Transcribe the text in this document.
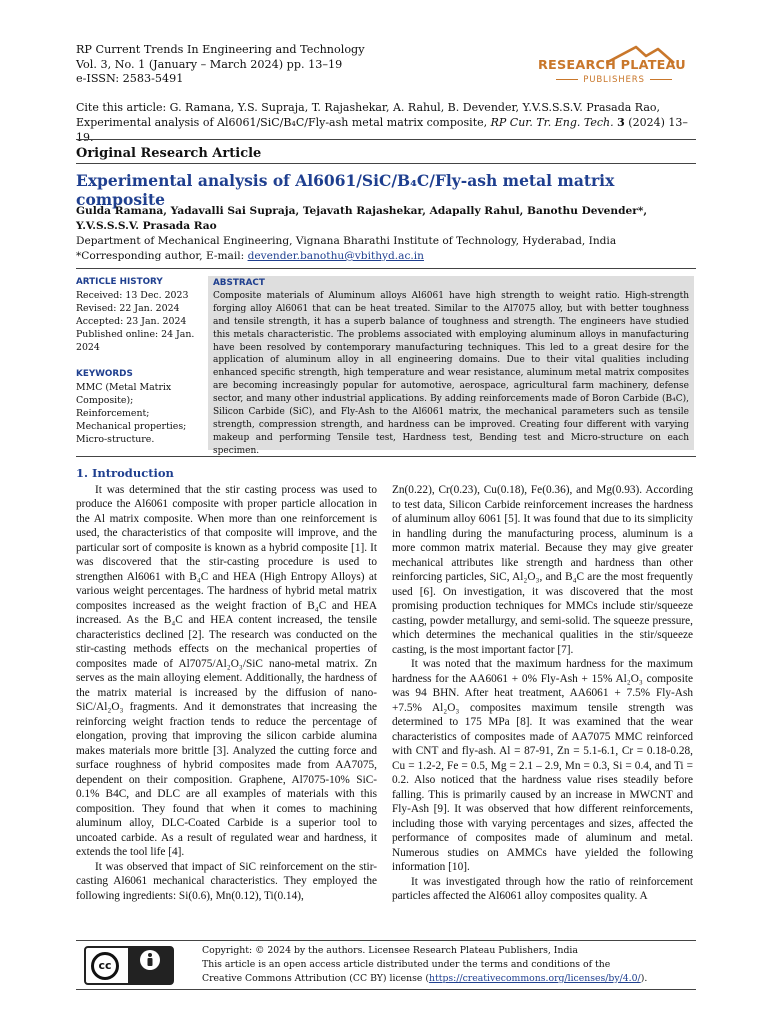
RP Current Trends In Engineering and Technology
Vol. 3, No. 1 (January – March 2024) pp. 13–19
e-ISSN: 2583-5491
RESEARCH PLATEAU
PUBLISHERS
Cite this article: G. Ramana, Y.S. Supraja, T. Rajashekar, A. Rahul, B. Devender, Y.V.S.S.S.V. Prasada Rao, Experimental analysis of Al6061/SiC/B₄C/Fly-ash metal matrix composite, RP Cur. Tr. Eng. Tech. 3 (2024) 13–19.
Original Research Article
Experimental analysis of Al6061/SiC/B₄C/Fly-ash metal matrix composite
Gulda Ramana, Yadavalli Sai Supraja, Tejavath Rajashekar, Adapally Rahul, Banothu Devender*, Y.V.S.S.S.V. Prasada Rao
Department of Mechanical Engineering, Vignana Bharathi Institute of Technology, Hyderabad, India
*Corresponding author, E-mail: devender.banothu@vbithyd.ac.in
ARTICLE HISTORY
Received: 13 Dec. 2023
Revised: 22 Jan. 2024
Accepted: 23 Jan. 2024
Published online: 24 Jan. 2024
KEYWORDS
MMC (Metal Matrix Composite);
Reinforcement;
Mechanical properties;
Micro-structure.
ABSTRACT
Composite materials of Aluminum alloys Al6061 have high strength to weight ratio. High-strength forging alloy Al6061 that can be heat treated. Similar to the Al7075 alloy, but with better toughness and tensile strength, it has a superb balance of toughness and strength. The engineers have studied this metals characteristic. The problems associated with employing aluminum alloys in manufacturing have been resolved by contemporary manufacturing techniques. This led to a great desire for the application of aluminum alloy in all engineering domains. Due to their vital qualities including enhanced specific strength, high temperature and wear resistance, aluminum metal matrix composites are becoming increasingly popular for automotive, aerospace, agricultural farm machinery, defense sector, and many other industrial applications. By adding reinforcements made of Boron Carbide (B₄C), Silicon Carbide (SiC), and Fly-Ash to the Al6061 matrix, the mechanical parameters such as tensile strength, compression strength, and hardness can be improved. Creating four different with varying makeup and performing Tensile test, Hardness test, Bending test and Micro-structure on each specimen.
1. Introduction

It was determined that the stir casting process was used to produce the Al6061 composite with proper particle allocation in the Al matrix composite. When more than one reinforcement is used, the characteristics of that composite will improve, and the particular sort of composite is known as a hybrid composite [1]. It was discovered that the stir-casting procedure is used to strengthen Al6061 with B₄C and HEA (High Entropy Alloys) at various weight percentages. The hardness of hybrid metal matrix composites increased as the weight fraction of B₄C and HEA increased. As the B₄C and HEA content increased, the tensile characteristics declined [2]. The research was conducted on the stir-casting methods effects on the mechanical properties of composites made of Al7075/Al₂O₃/SiC nano-metal matrix. Zn serves as the main alloying element. Additionally, the hardness of the matrix material is increased by the diffusion of nano-SiC/Al₂O₃ fragments. And it demonstrates that increasing the reinforcing weight fraction tends to reduce the percentage of elongation, proving that improving the silicon carbide alumina makes materials more brittle [3]. Analyzed the cutting force and surface roughness of hybrid composites made from AA7075, dependent on their composition. Graphene, Al7075-10% SiC-0.1% B4C, and DLC are all examples of materials with this composition. They found that when it comes to machining aluminum alloy, DLC-Coated Carbide is a superior tool to uncoated carbide. As a result of regulated wear and hardness, it extends the tool life [4].

It was observed that impact of SiC reinforcement on the stir-casting Al6061 mechanical characteristics. They employed the following ingredients: Si(0.6), Mn(0.12), Ti(0.14),

Zn(0.22), Cr(0.23), Cu(0.18), Fe(0.36), and Mg(0.93). According to test data, Silicon Carbide reinforcement increases the hardness of aluminum alloy 6061 [5]. It was found that due to its simplicity in handling during the manufacturing process, aluminum is a more common matrix material. Because they may give greater mechanical attributes like strength and hardness than other reinforcing particles, SiC, Al₂O₃, and B₄C are the most frequently used [6]. On investigation, it was discovered that the most promising production techniques for MMCs include stir/squeeze casting, powder metallurgy, and semi-solid. The squeeze pressure, which determines the mechanical qualities in the stir/squeeze casting, is the most important factor [7].

It was noted that the maximum hardness for the maximum hardness for the AA6061 + 0% Fly-Ash + 15% Al₂O₃ composite was 94 BHN. After heat treatment, AA6061 + 7.5% Fly-Ash +7.5% Al₂O₃ composites maximum tensile strength was determined to 175 MPa [8]. It was examined that the wear characteristics of composites made of AA7075 MMC reinforced with CNT and fly-ash. Al = 87-91, Zn = 5.1-6.1, Cr = 0.18-0.28, Cu = 1.2-2, Fe = 0.5, Mg = 2.1 – 2.9, Mn = 0.3, Si = 0.4, and Ti = 0.2. Also noticed that the hardness value rises steadily before falling. This is primarily caused by an increase in MWCNT and Fly-Ash [9]. It was observed that how different reinforcements, including those with varying percentages and sizes, affected the performance of composites made of aluminum and metal. Numerous studies on AMMCs have yielded the following information [10].

It was investigated through how the ratio of reinforcement particles affected the Al6061 alloy composites quality. A

cc
BY
Copyright: © 2024 by the authors. Licensee Research Plateau Publishers, India
This article is an open access article distributed under the terms and conditions of the
Creative Commons Attribution (CC BY) license (https://creativecommons.org/licenses/by/4.0/).
